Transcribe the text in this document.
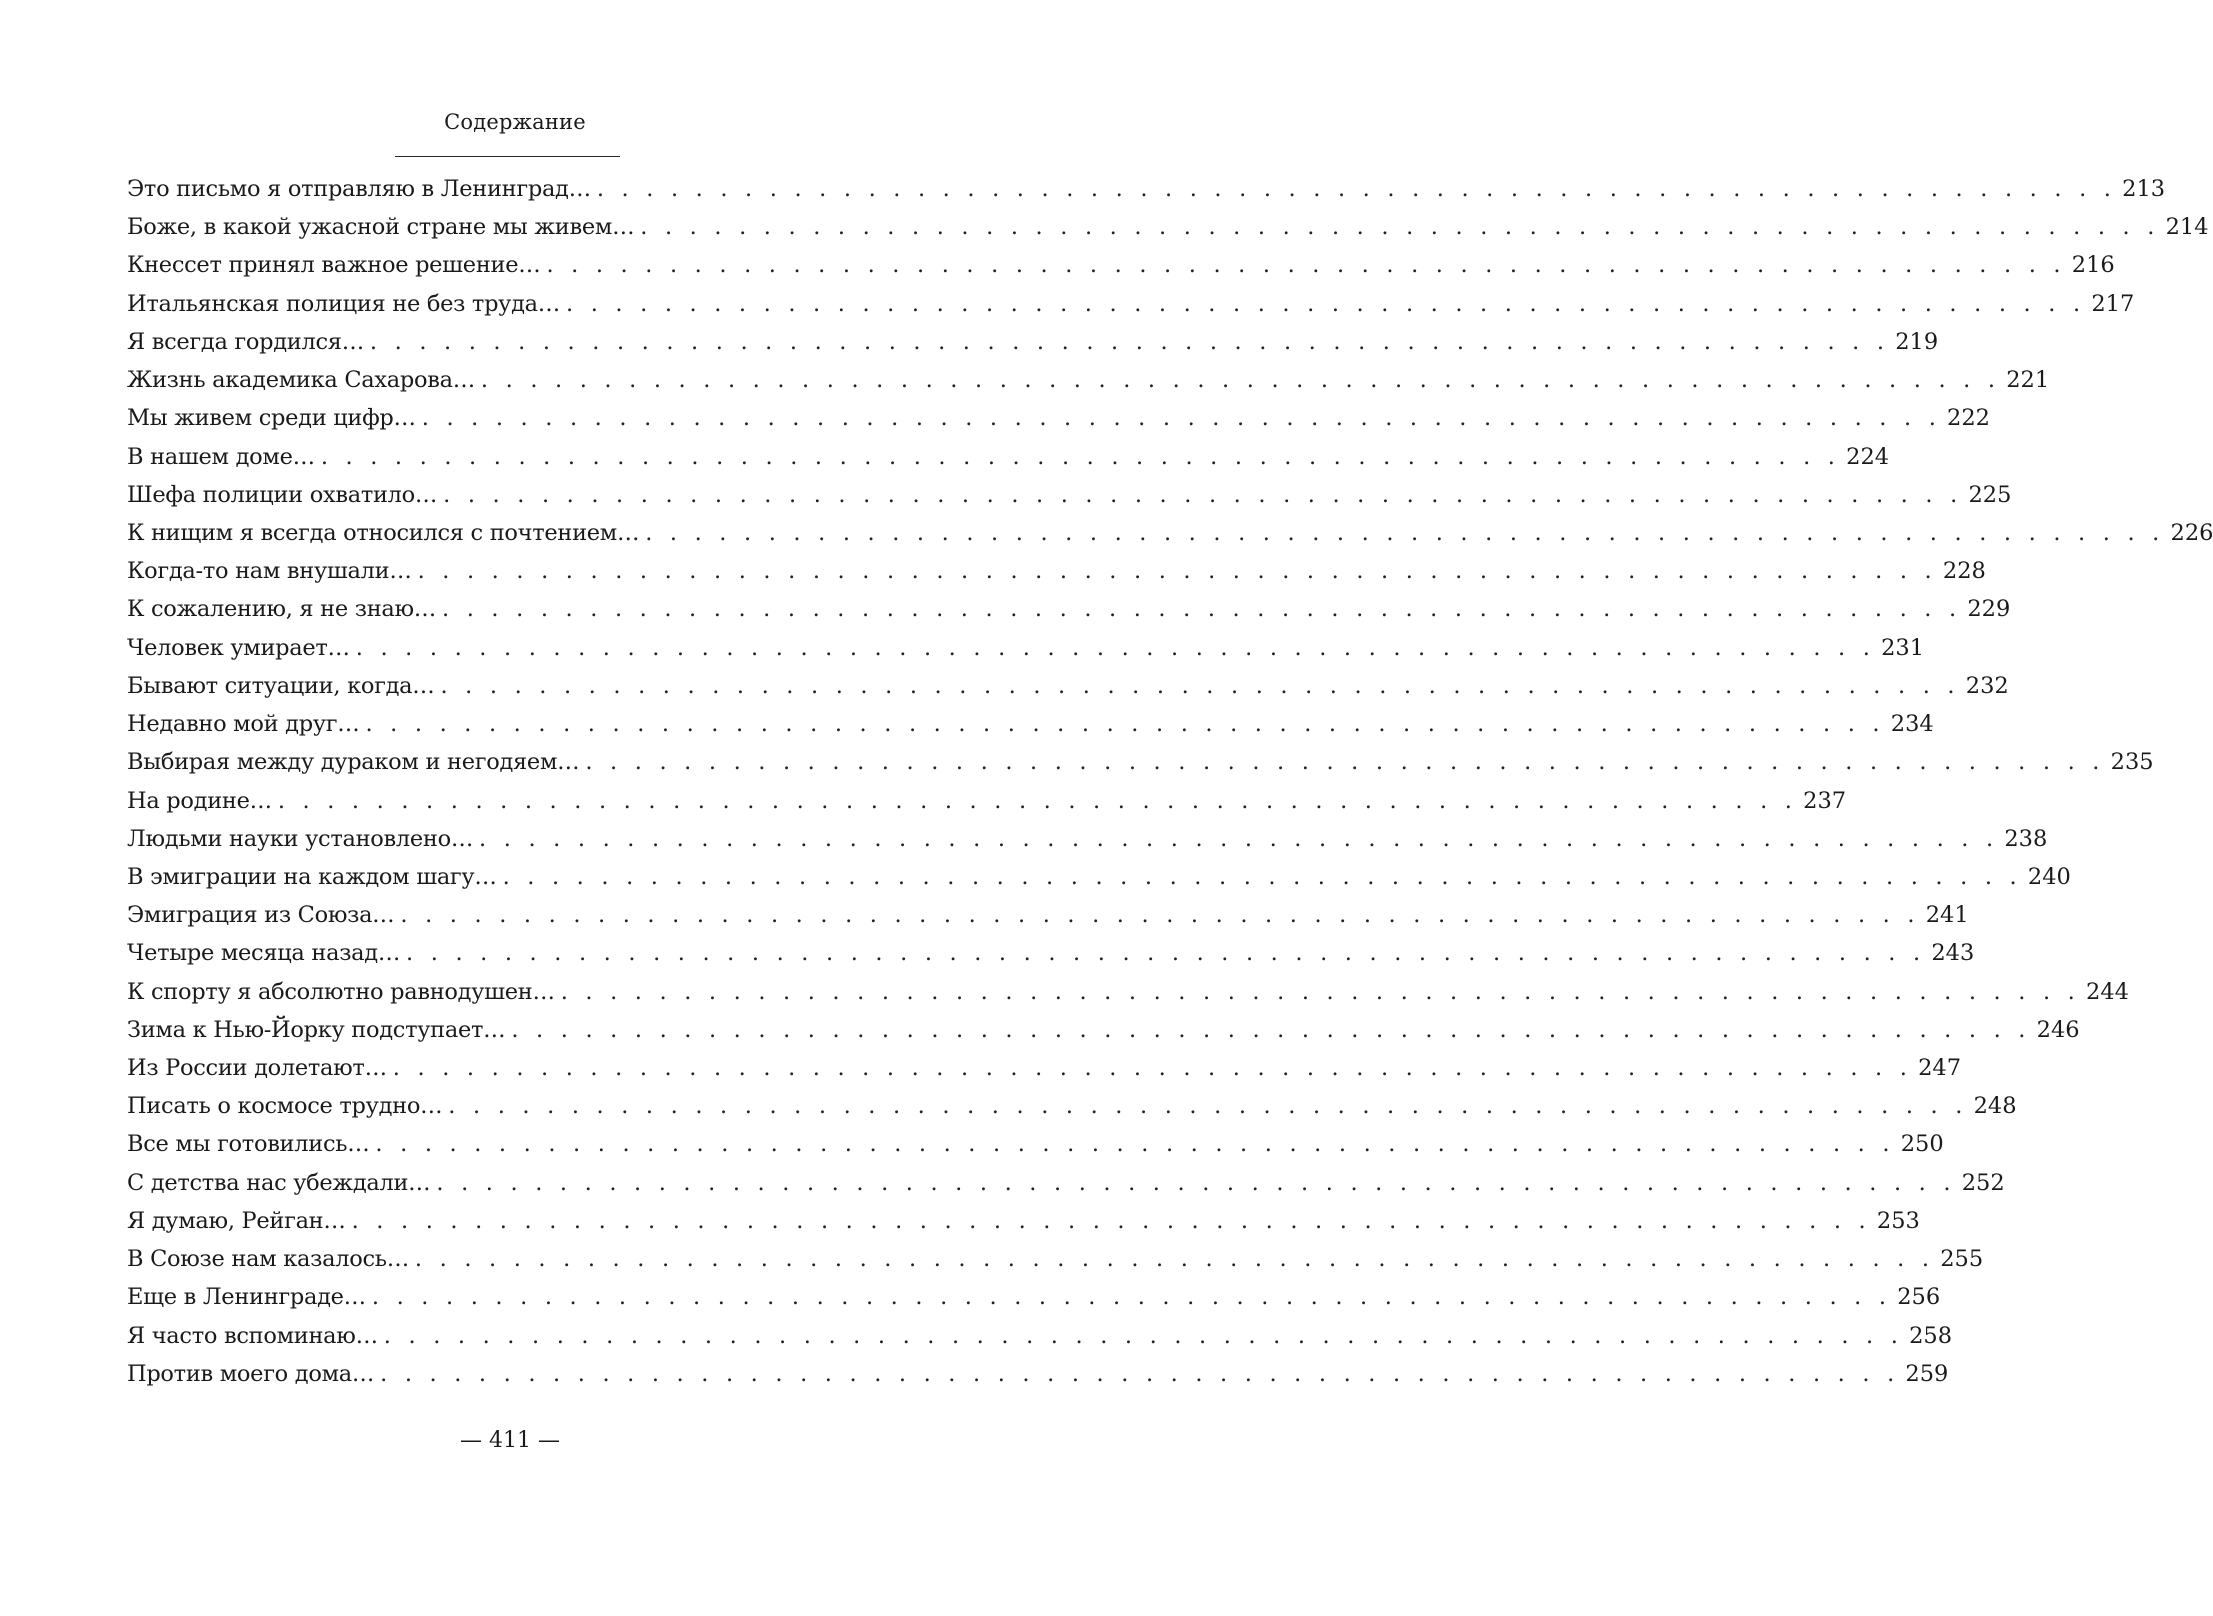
Содержание
Это письмо я отправляю в Ленинград… . . . . . . . . . . . . . . . . . . . . . . . . . . . . . . . . . . . . . . . . . . . . . . . . . . . . . . . . . . . . . . 213
Боже, в какой ужасной стране мы живем… . . . . . . . . . . . . . . . . . . . . . . . . . . . . . . . . . . . . . . . . . . . . . . . . . . . . . . . . . . . . . . 214
Кнессет принял важное решение… . . . . . . . . . . . . . . . . . . . . . . . . . . . . . . . . . . . . . . . . . . . . . . . . . . . . . . . . . . . . . . 216
Итальянская полиция не без труда… . . . . . . . . . . . . . . . . . . . . . . . . . . . . . . . . . . . . . . . . . . . . . . . . . . . . . . . . . . . . . . 217
Я всегда гордился… . . . . . . . . . . . . . . . . . . . . . . . . . . . . . . . . . . . . . . . . . . . . . . . . . . . . . . . . . . . . . . 219
Жизнь академика Сахарова… . . . . . . . . . . . . . . . . . . . . . . . . . . . . . . . . . . . . . . . . . . . . . . . . . . . . . . . . . . . . . . 221
Мы живем среди цифр… . . . . . . . . . . . . . . . . . . . . . . . . . . . . . . . . . . . . . . . . . . . . . . . . . . . . . . . . . . . . . . 222
В нашем доме… . . . . . . . . . . . . . . . . . . . . . . . . . . . . . . . . . . . . . . . . . . . . . . . . . . . . . . . . . . . . . . 224
Шефа полиции охватило… . . . . . . . . . . . . . . . . . . . . . . . . . . . . . . . . . . . . . . . . . . . . . . . . . . . . . . . . . . . . . . 225
К нищим я всегда относился с почтением… . . . . . . . . . . . . . . . . . . . . . . . . . . . . . . . . . . . . . . . . . . . . . . . . . . . . . . . . . . . . . . 226
Когда-то нам внушали… . . . . . . . . . . . . . . . . . . . . . . . . . . . . . . . . . . . . . . . . . . . . . . . . . . . . . . . . . . . . . . 228
К сожалению, я не знаю… . . . . . . . . . . . . . . . . . . . . . . . . . . . . . . . . . . . . . . . . . . . . . . . . . . . . . . . . . . . . . . 229
Человек умирает… . . . . . . . . . . . . . . . . . . . . . . . . . . . . . . . . . . . . . . . . . . . . . . . . . . . . . . . . . . . . . . 231
Бывают ситуации, когда… . . . . . . . . . . . . . . . . . . . . . . . . . . . . . . . . . . . . . . . . . . . . . . . . . . . . . . . . . . . . . . 232
Недавно мой друг… . . . . . . . . . . . . . . . . . . . . . . . . . . . . . . . . . . . . . . . . . . . . . . . . . . . . . . . . . . . . . . 234
Выбирая между дураком и негодяем… . . . . . . . . . . . . . . . . . . . . . . . . . . . . . . . . . . . . . . . . . . . . . . . . . . . . . . . . . . . . . . 235
На родине… . . . . . . . . . . . . . . . . . . . . . . . . . . . . . . . . . . . . . . . . . . . . . . . . . . . . . . . . . . . . . . 237
Людьми науки установлено… . . . . . . . . . . . . . . . . . . . . . . . . . . . . . . . . . . . . . . . . . . . . . . . . . . . . . . . . . . . . . . 238
В эмиграции на каждом шагу… . . . . . . . . . . . . . . . . . . . . . . . . . . . . . . . . . . . . . . . . . . . . . . . . . . . . . . . . . . . . . . 240
Эмиграция из Союза… . . . . . . . . . . . . . . . . . . . . . . . . . . . . . . . . . . . . . . . . . . . . . . . . . . . . . . . . . . . . . . 241
Четыре месяца назад… . . . . . . . . . . . . . . . . . . . . . . . . . . . . . . . . . . . . . . . . . . . . . . . . . . . . . . . . . . . . . . 243
К спорту я абсолютно равнодушен… . . . . . . . . . . . . . . . . . . . . . . . . . . . . . . . . . . . . . . . . . . . . . . . . . . . . . . . . . . . . . . 244
Зима к Нью-Йорку подступает… . . . . . . . . . . . . . . . . . . . . . . . . . . . . . . . . . . . . . . . . . . . . . . . . . . . . . . . . . . . . . . 246
Из России долетают… . . . . . . . . . . . . . . . . . . . . . . . . . . . . . . . . . . . . . . . . . . . . . . . . . . . . . . . . . . . . . . 247
Писать о космосе трудно… . . . . . . . . . . . . . . . . . . . . . . . . . . . . . . . . . . . . . . . . . . . . . . . . . . . . . . . . . . . . . . 248
Все мы готовились… . . . . . . . . . . . . . . . . . . . . . . . . . . . . . . . . . . . . . . . . . . . . . . . . . . . . . . . . . . . . . . 250
С детства нас убеждали… . . . . . . . . . . . . . . . . . . . . . . . . . . . . . . . . . . . . . . . . . . . . . . . . . . . . . . . . . . . . . . 252
Я думаю, Рейган… . . . . . . . . . . . . . . . . . . . . . . . . . . . . . . . . . . . . . . . . . . . . . . . . . . . . . . . . . . . . . . 253
В Союзе нам казалось… . . . . . . . . . . . . . . . . . . . . . . . . . . . . . . . . . . . . . . . . . . . . . . . . . . . . . . . . . . . . . . 255
Еще в Ленинграде… . . . . . . . . . . . . . . . . . . . . . . . . . . . . . . . . . . . . . . . . . . . . . . . . . . . . . . . . . . . . . . 256
Я часто вспоминаю… . . . . . . . . . . . . . . . . . . . . . . . . . . . . . . . . . . . . . . . . . . . . . . . . . . . . . . . . . . . . . . 258
Против моего дома… . . . . . . . . . . . . . . . . . . . . . . . . . . . . . . . . . . . . . . . . . . . . . . . . . . . . . . . . . . . . . . 259
— 411 —
